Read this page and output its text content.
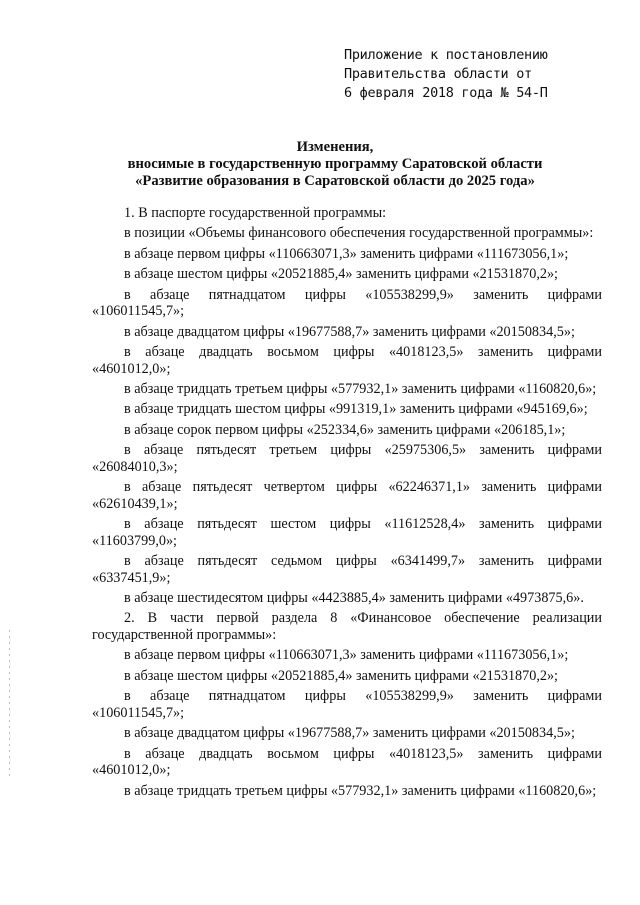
Приложение к постановлению
Правительства области от
6 февраля 2018 года № 54-П
Изменения,
вносимые в государственную программу Саратовской области
«Развитие образования в Саратовской области до 2025 года»

1. В паспорте государственной программы:

в позиции «Объемы финансового обеспечения государственной программы»:

в абзаце первом цифры «110663071,3» заменить цифрами «111673056,1»;

в абзаце шестом цифры «20521885,4» заменить цифрами «21531870,2»;

в абзаце пятнадцатом цифры «105538299,9» заменить цифрами «106011545,7»;

в абзаце двадцатом цифры «19677588,7» заменить цифрами «20150834,5»;

в абзаце двадцать восьмом цифры «4018123,5» заменить цифрами «4601012,0»;

в абзаце тридцать третьем цифры «577932,1» заменить цифрами «1160820,6»;

в абзаце тридцать шестом цифры «991319,1» заменить цифрами «945169,6»;

в абзаце сорок первом цифры «252334,6» заменить цифрами «206185,1»;

в абзаце пятьдесят третьем цифры «25975306,5» заменить цифрами «26084010,3»;

в абзаце пятьдесят четвертом цифры «62246371,1» заменить цифрами «62610439,1»;

в абзаце пятьдесят шестом цифры «11612528,4» заменить цифрами «11603799,0»;

в абзаце пятьдесят седьмом цифры «6341499,7» заменить цифрами «6337451,9»;

в абзаце шестидесятом цифры «4423885,4» заменить цифрами «4973875,6».

2. В части первой раздела 8 «Финансовое обеспечение реализации государственной программы»:

в абзаце первом цифры «110663071,3» заменить цифрами «111673056,1»;

в абзаце шестом цифры «20521885,4» заменить цифрами «21531870,2»;

в абзаце пятнадцатом цифры «105538299,9» заменить цифрами «106011545,7»;

в абзаце двадцатом цифры «19677588,7» заменить цифрами «20150834,5»;

в абзаце двадцать восьмом цифры «4018123,5» заменить цифрами «4601012,0»;

в абзаце тридцать третьем цифры «577932,1» заменить цифрами «1160820,6»;
